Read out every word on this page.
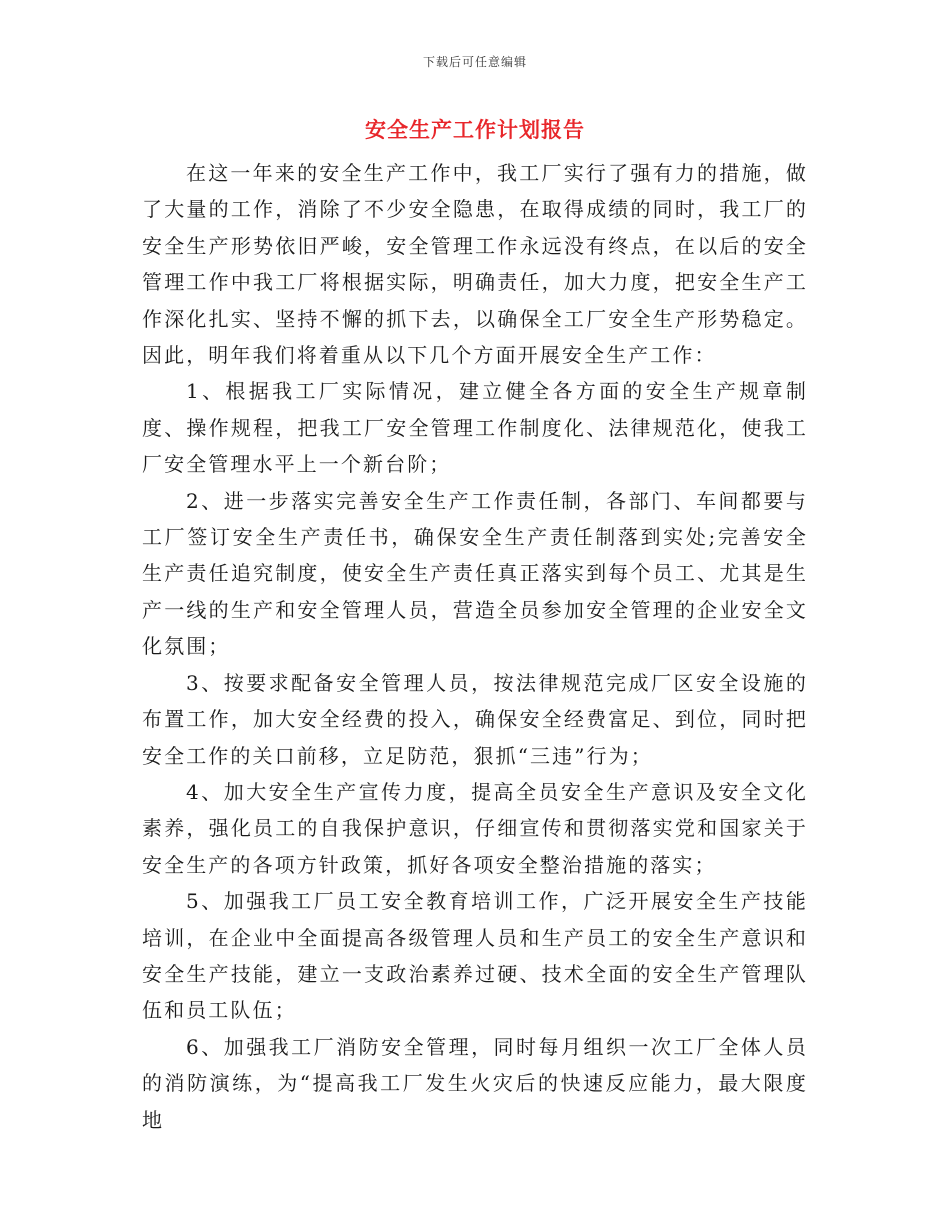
下载后可任意编辑
安全生产工作计划报告

在这一年来的安全生产工作中，我工厂实行了强有力的措施，做了大量的工作，消除了不少安全隐患，在取得成绩的同时，我工厂的安全生产形势依旧严峻，安全管理工作永远没有终点，在以后的安全管理工作中我工厂将根据实际，明确责任，加大力度，把安全生产工作深化扎实、坚持不懈的抓下去，以确保全工厂安全生产形势稳定。因此，明年我们将着重从以下几个方面开展安全生产工作：

1、根据我工厂实际情况，建立健全各方面的安全生产规章制度、操作规程，把我工厂安全管理工作制度化、法律规范化，使我工厂安全管理水平上一个新台阶；

2、进一步落实完善安全生产工作责任制，各部门、车间都要与工厂签订安全生产责任书，确保安全生产责任制落到实处;完善安全生产责任追究制度，使安全生产责任真正落实到每个员工、尤其是生产一线的生产和安全管理人员，营造全员参加安全管理的企业安全文化氛围；

3、按要求配备安全管理人员，按法律规范完成厂区安全设施的布置工作，加大安全经费的投入，确保安全经费富足、到位，同时把安全工作的关口前移，立足防范，狠抓“三违”行为；

4、加大安全生产宣传力度，提高全员安全生产意识及安全文化素养，强化员工的自我保护意识，仔细宣传和贯彻落实党和国家关于安全生产的各项方针政策，抓好各项安全整治措施的落实；

5、加强我工厂员工安全教育培训工作，广泛开展安全生产技能培训，在企业中全面提高各级管理人员和生产员工的安全生产意识和安全生产技能，建立一支政治素养过硬、技术全面的安全生产管理队伍和员工队伍；

6、加强我工厂消防安全管理，同时每月组织一次工厂全体人员的消防演练，为“提高我工厂发生火灾后的快速反应能力，最大限度地
